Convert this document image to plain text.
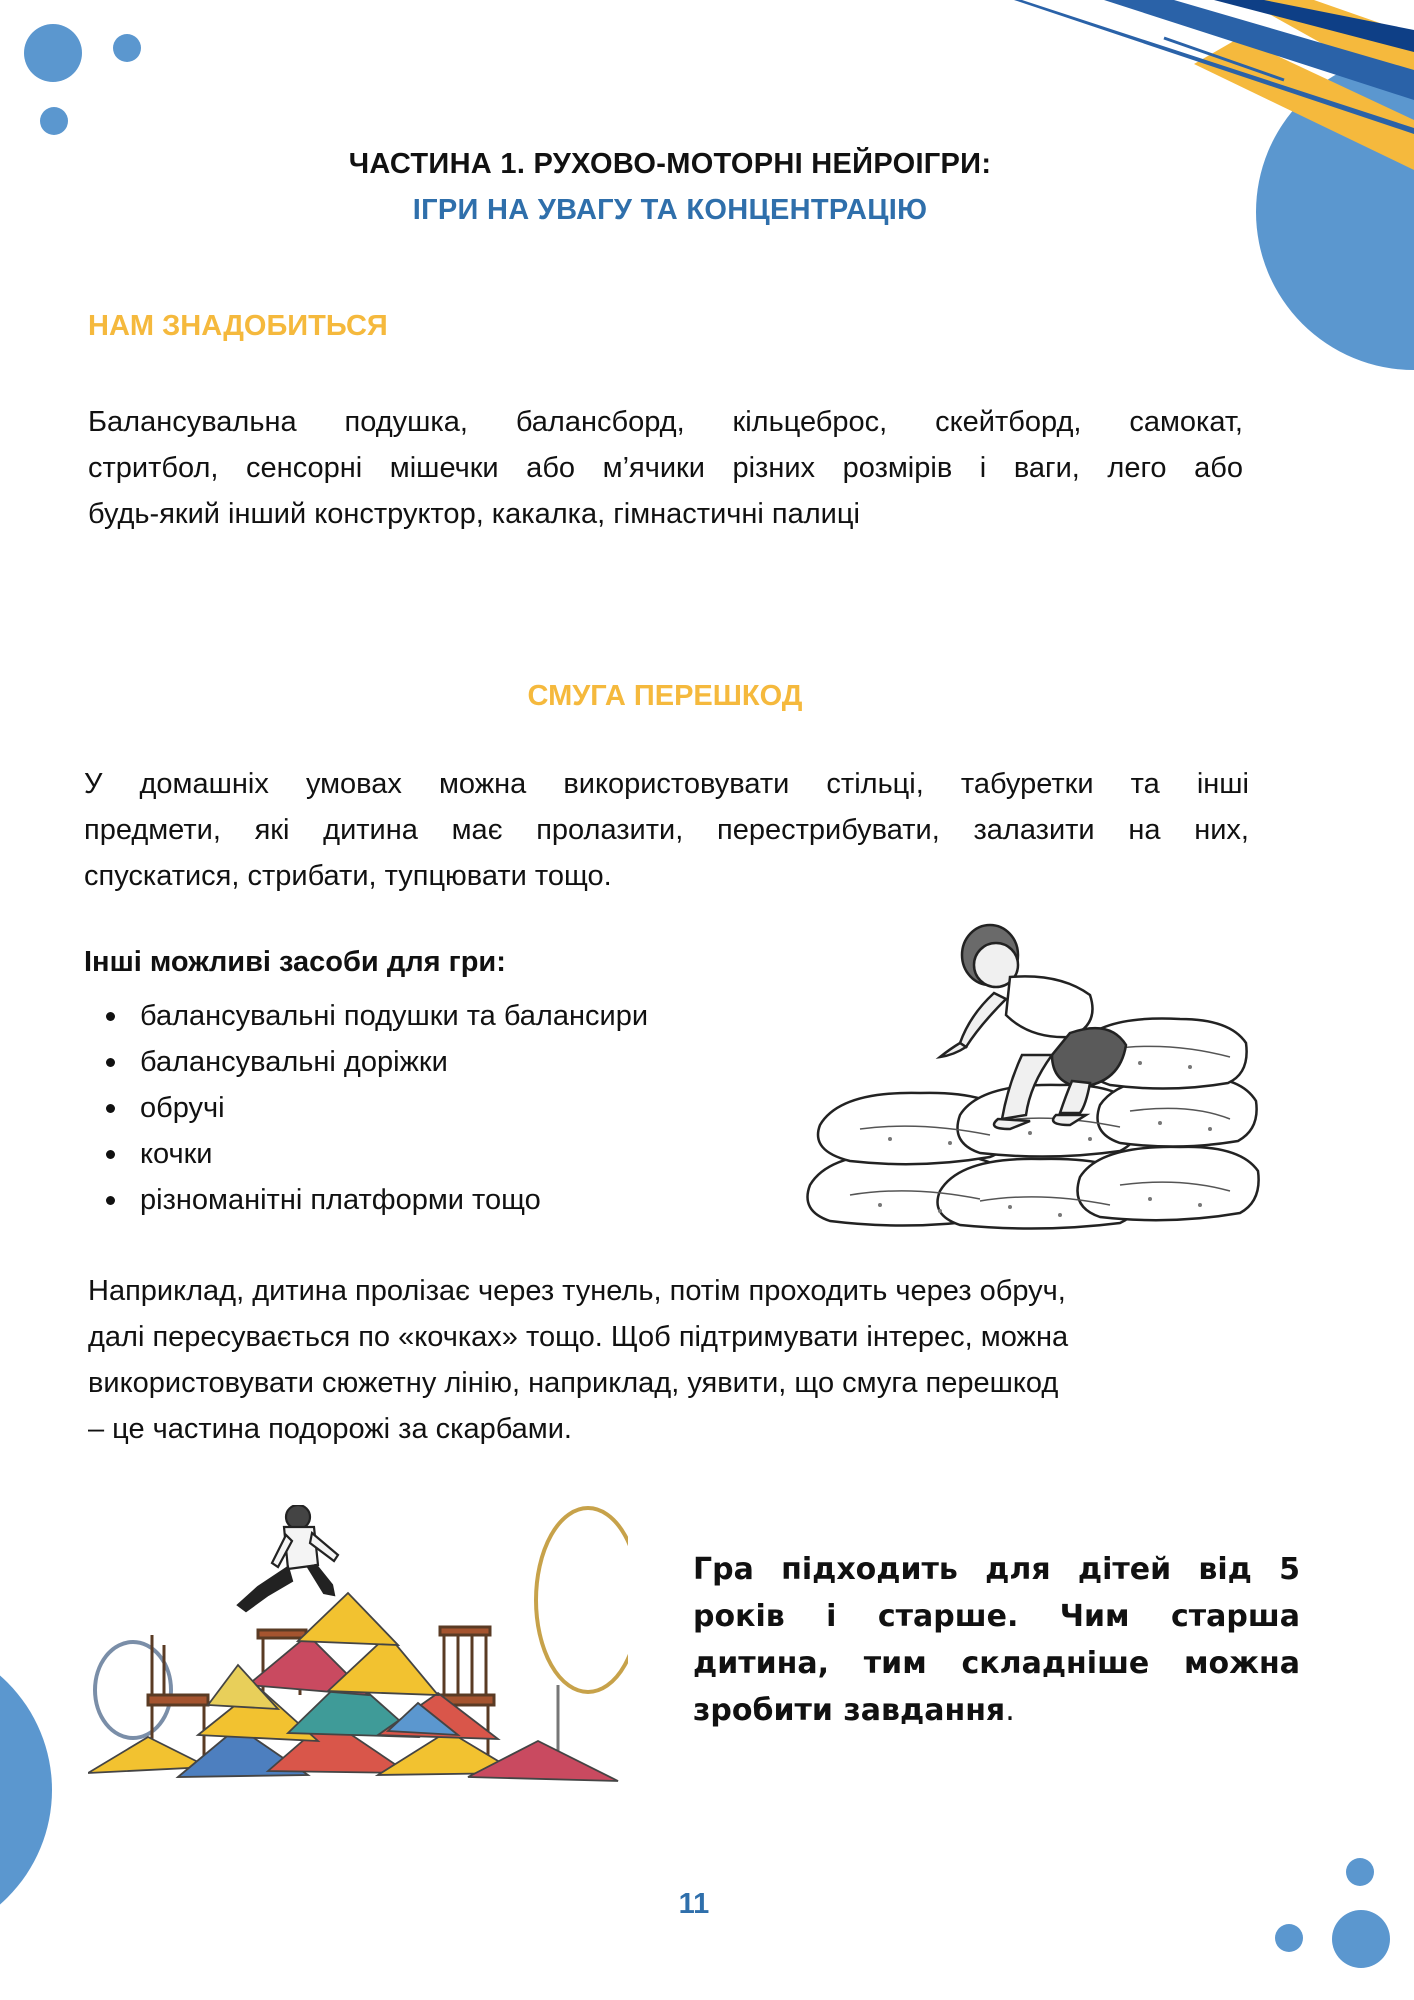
ЧАСТИНА 1. РУХОВО-МОТОРНІ НЕЙРОІГРИ:
ІГРИ НА УВАГУ ТА КОНЦЕНТРАЦІЮ
НАМ ЗНАДОБИТЬСЯ
Балансувальна подушка, балансборд, кільцеброс, скейтборд, самокат,
стритбол, сенсорні мішечки або м’ячики різних розмірів і ваги, лего або
будь-який інший конструктор, какалка, гімнастичні палиці
СМУГА ПЕРЕШКОД
У домашніх умовах можна використовувати стільці, табуретки та інші
предмети, які дитина має пролазити, перестрибувати, залазити на них,
спускатися, стрибати, тупцювати тощо.
Інші можливі засоби для гри:
балансувальні подушки та балансири
балансувальні доріжки
обручі
кочки
різноманітні платформи тощо
Наприклад, дитина пролізає через тунель, потім проходить через обруч,
далі пересувається по «кочках» тощо. Щоб підтримувати інтерес, можна
використовувати сюжетну лінію, наприклад, уявити, що смуга перешкод
– це частина подорожі за скарбами.
Гра підходить для дітей від 5 років і старше. Чим старша дитина, тим складніше можна зробити завдання.
11
